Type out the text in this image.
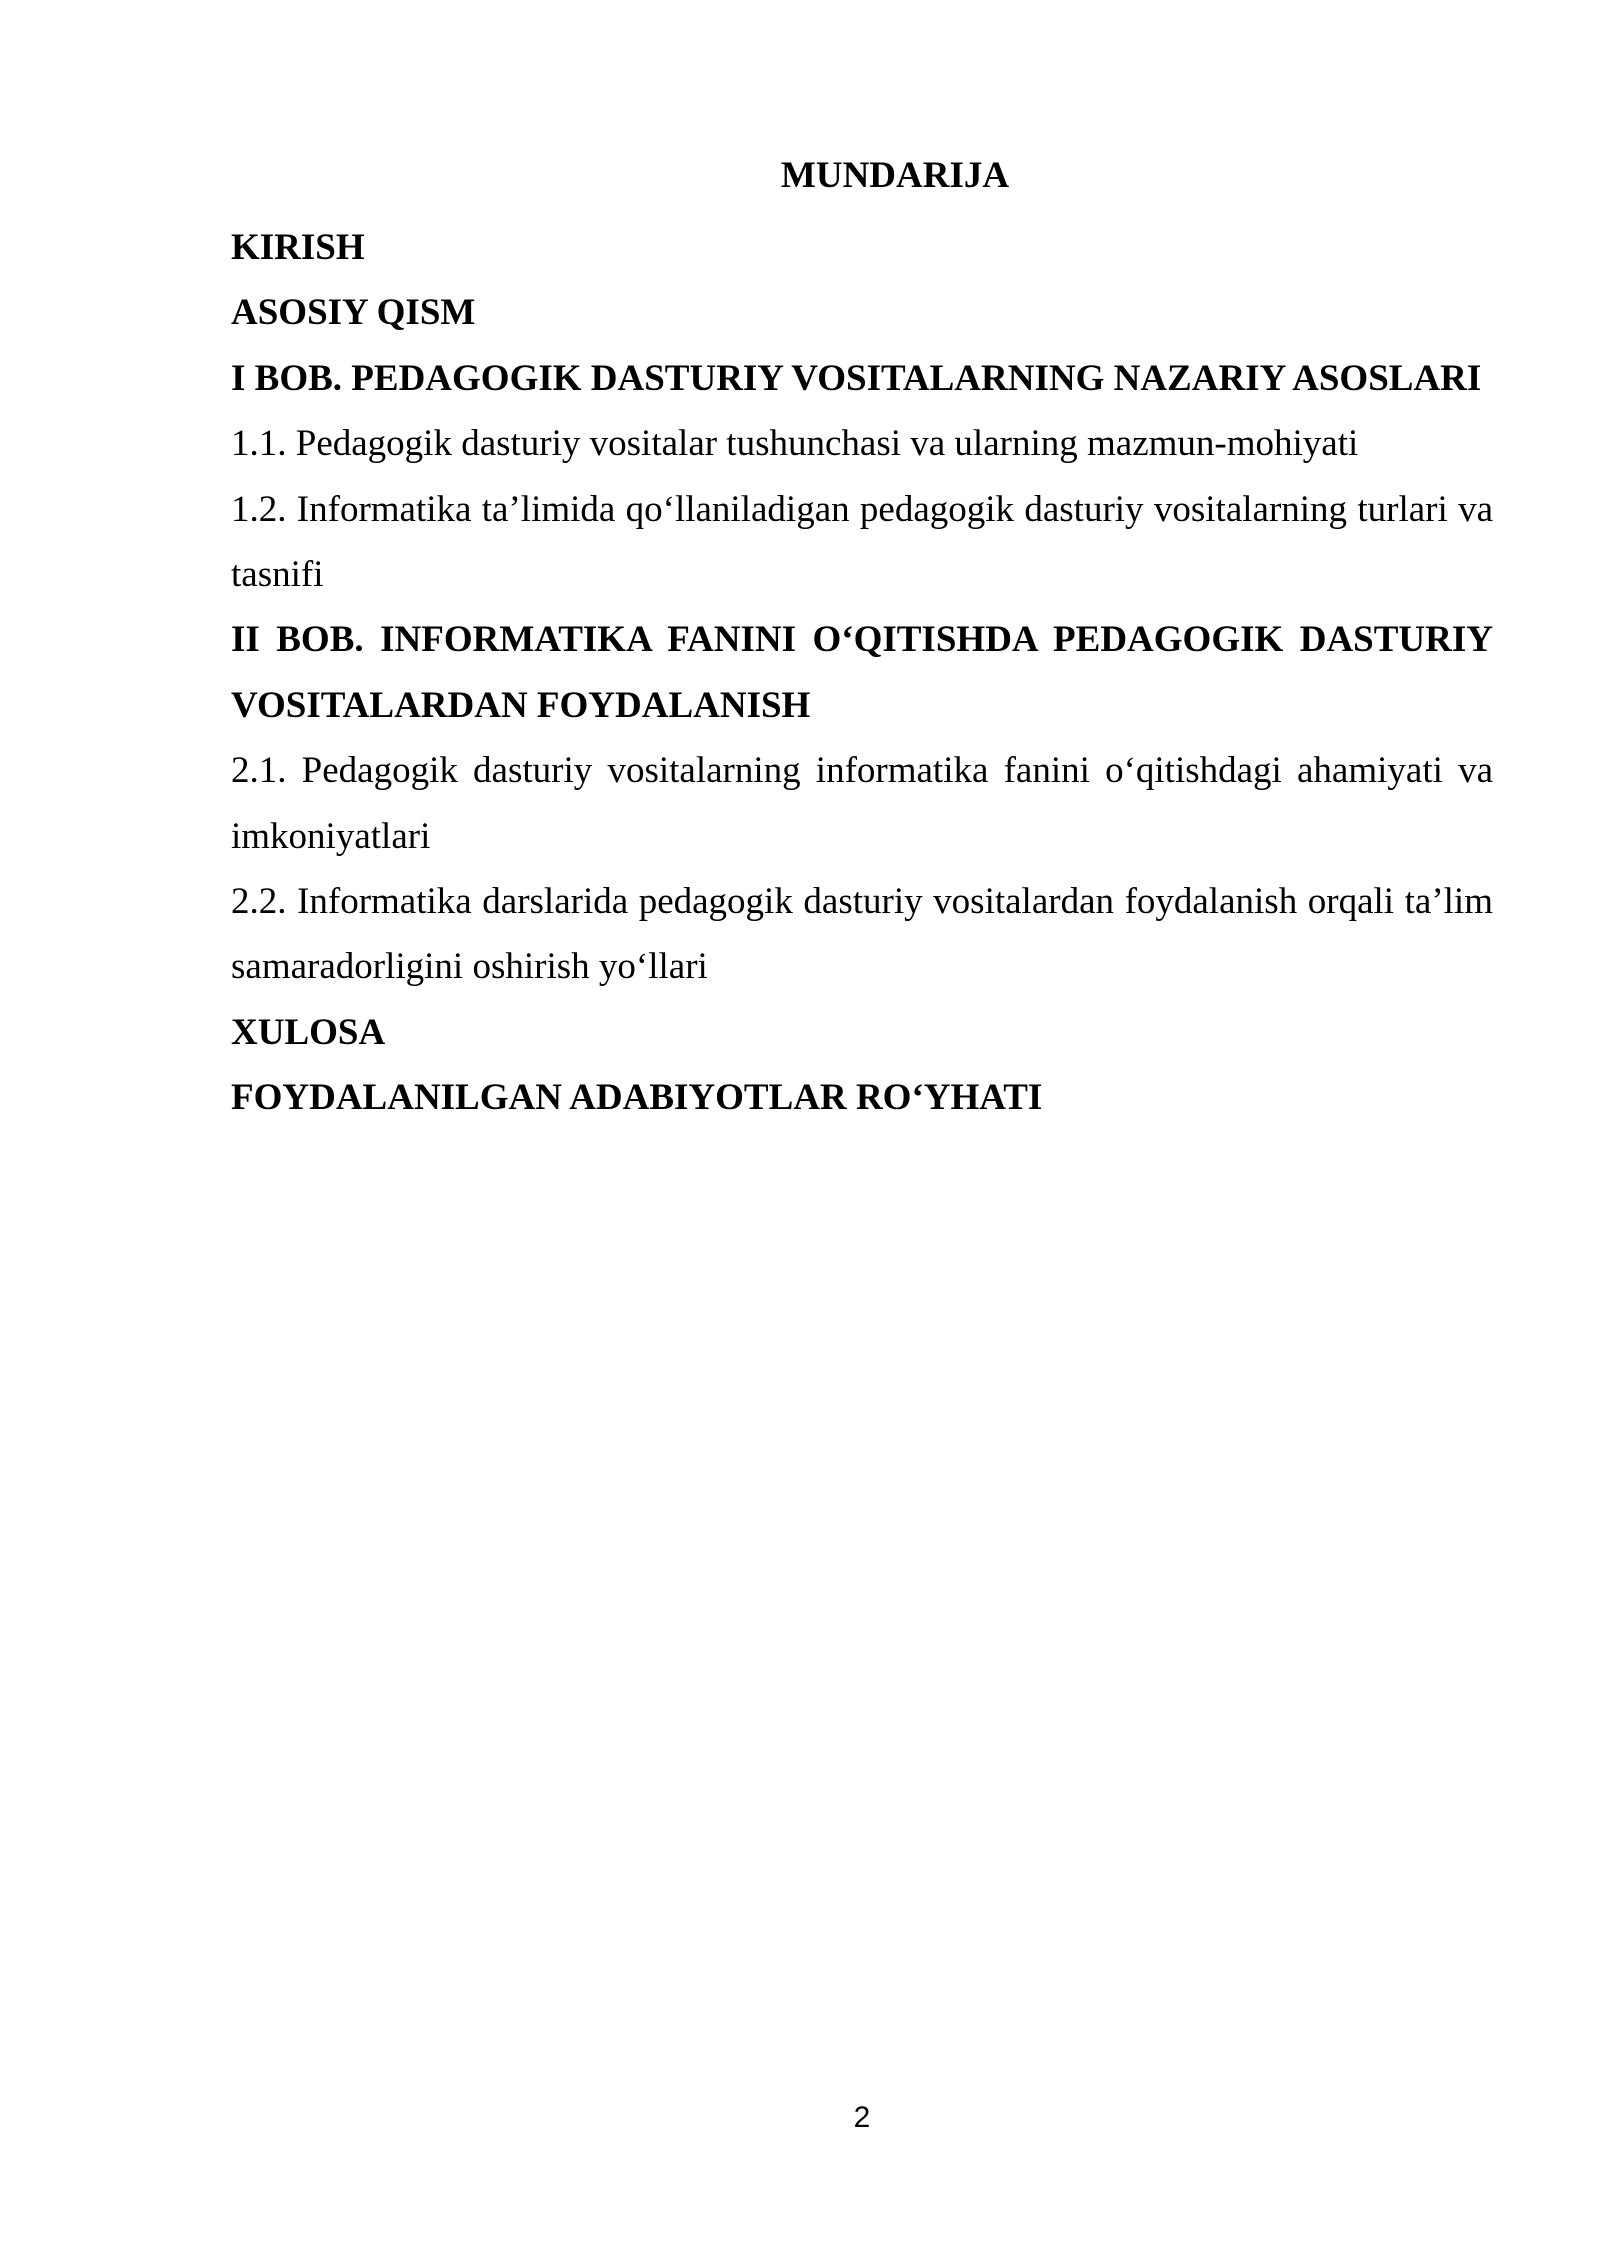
MUNDARIJA

KIRISH

ASOSIY QISM

I BOB. PEDAGOGIK DASTURIY VOSITALARNING NAZARIY ASOSLARI

1.1. Pedagogik dasturiy vositalar tushunchasi va ularning mazmun-mohiyati

1.2. Informatika ta’limida qo‘llaniladigan pedagogik dasturiy vositalarning turlari va tasnifi

II BOB. INFORMATIKA FANINI O‘QITISHDA PEDAGOGIK DASTURIY VOSITALARDAN FOYDALANISH

2.1. Pedagogik dasturiy vositalarning informatika fanini o‘qitishdagi ahamiyati va imkoniyatlari

2.2. Informatika darslarida pedagogik dasturiy vositalardan foydalanish orqali ta’lim samaradorligini oshirish yo‘llari

XULOSA

FOYDALANILGAN ADABIYOTLAR RO‘YHATI

2
